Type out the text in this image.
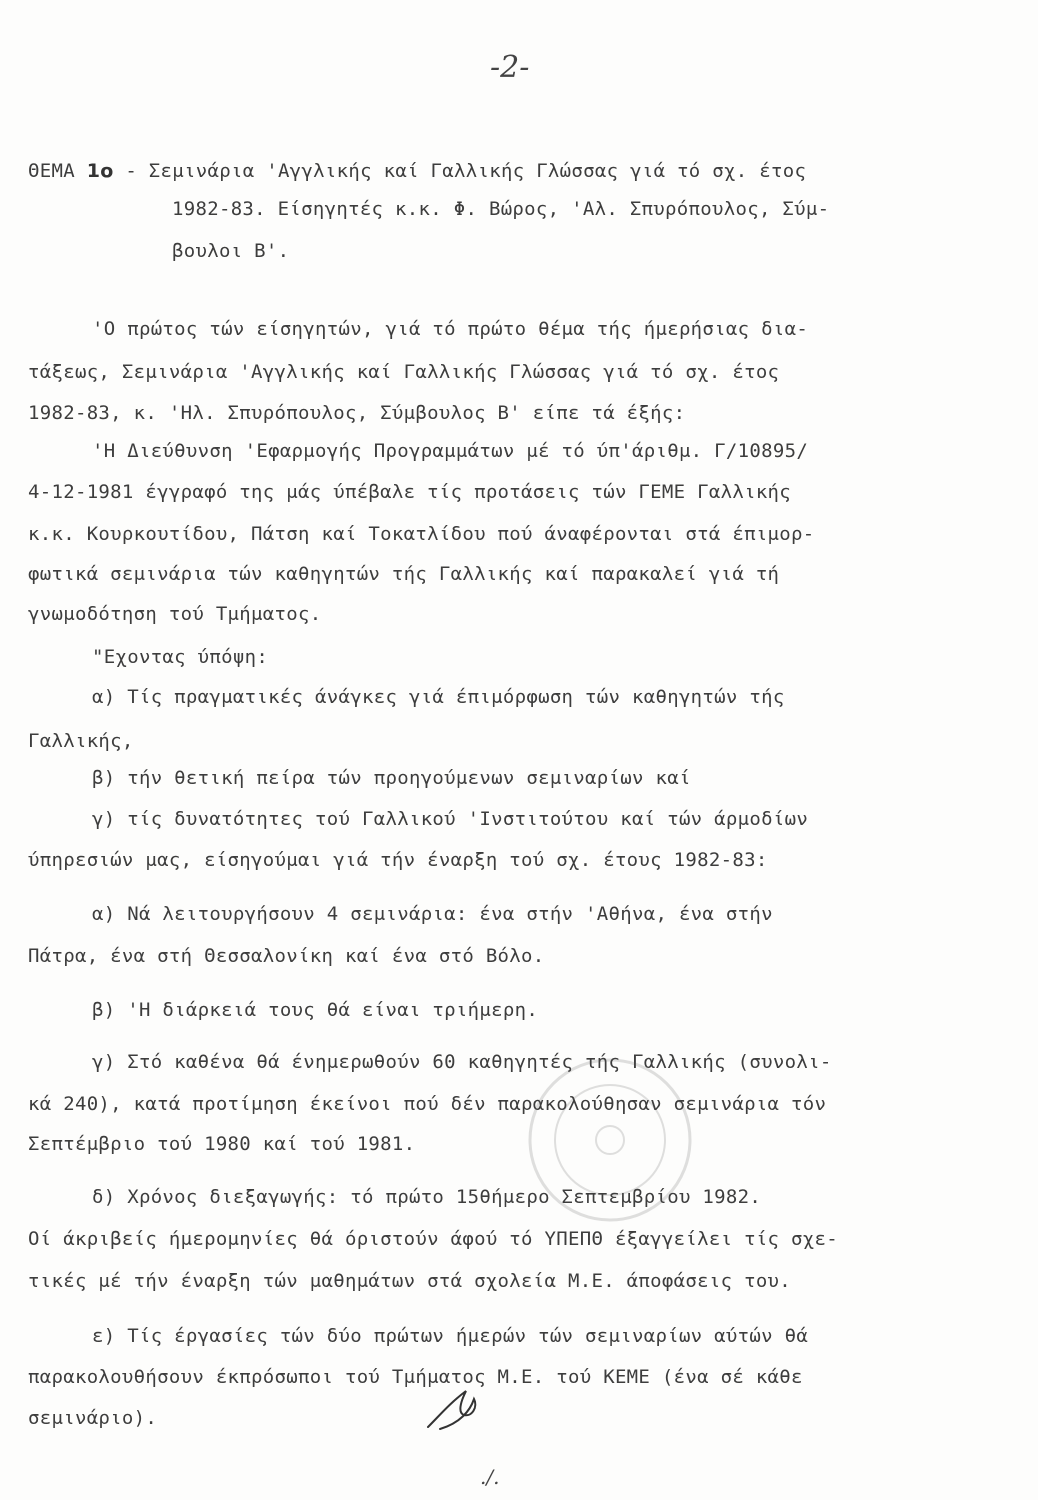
-2-
ΘΕΜΑ 1ο - Σεμινάρια 'Αγγλικής καί Γαλλικής Γλώσσας γιά τό σχ. έτος
1982-83. Είσηγητές κ.κ. Φ. Βώρος, 'Αλ. Σπυρόπουλος, Σύμ-
βουλοι Β'.
'Ο πρώτος τών είσηγητών, γιά τό πρώτο θέμα τής ήμερήσιας δια-
τάξεως, Σεμινάρια 'Αγγλικής καί Γαλλικής Γλώσσας γιά τό σχ. έτος
1982-83, κ. 'Ηλ. Σπυρόπουλος, Σύμβουλος Β' είπε τά έξής:
'Η Διεύθυνση 'Εφαρμογής Προγραμμάτων μέ τό ύπ'άριθμ. Γ/10895/
4-12-1981 έγγραφό της μάς ύπέβαλε τίς προτάσεις τών ΓΕΜΕ Γαλλικής
κ.κ. Κουρκουτίδου, Πάτση καί Τοκατλίδου πού άναφέρονται στά έπιμορ-
φωτικά σεμινάρια τών καθηγητών τής Γαλλικής καί παρακαλεί γιά τή
γνωμοδότηση τού Τμήματος.
"Εχοντας ύπόψη:
α) Τίς πραγματικές άνάγκες γιά έπιμόρφωση τών καθηγητών τής
Γαλλικής,
β) τήν θετική πείρα τών προηγούμενων σεμιναρίων καί
γ) τίς δυνατότητες τού Γαλλικού 'Ινστιτούτου καί τών άρμοδίων
ύπηρεσιών μας, είσηγούμαι γιά τήν έναρξη τού σχ. έτους 1982-83:
α) Νά λειτουργήσουν 4 σεμινάρια: ένα στήν 'Αθήνα, ένα στήν
Πάτρα, ένα στή Θεσσαλονίκη καί ένα στό Βόλο.
β) 'Η διάρκειά τους θά είναι τριήμερη.
γ) Στό καθένα θά ένημερωθούν 60 καθηγητές τής Γαλλικής (συνολι-
κά 240), κατά προτίμηση έκείνοι πού δέν παρακολούθησαν σεμινάρια τόν
Σεπτέμβριο τού 1980 καί τού 1981.
δ) Χρόνος διεξαγωγής: τό πρώτο 15θήμερο Σεπτεμβρίου 1982.
Οί άκριβείς ήμερομηνίες θά όριστούν άφού τό ΥΠΕΠΘ έξαγγείλει τίς σχε-
τικές μέ τήν έναρξη τών μαθημάτων στά σχολεία Μ.Ε. άποφάσεις του.
ε) Τίς έργασίες τών δύο πρώτων ήμερών τών σεμιναρίων αύτών θά
παρακολουθήσουν έκπρόσωποι τού Τμήματος Μ.Ε. τού ΚΕΜΕ (ένα σέ κάθε
σεμινάριο).
./.
